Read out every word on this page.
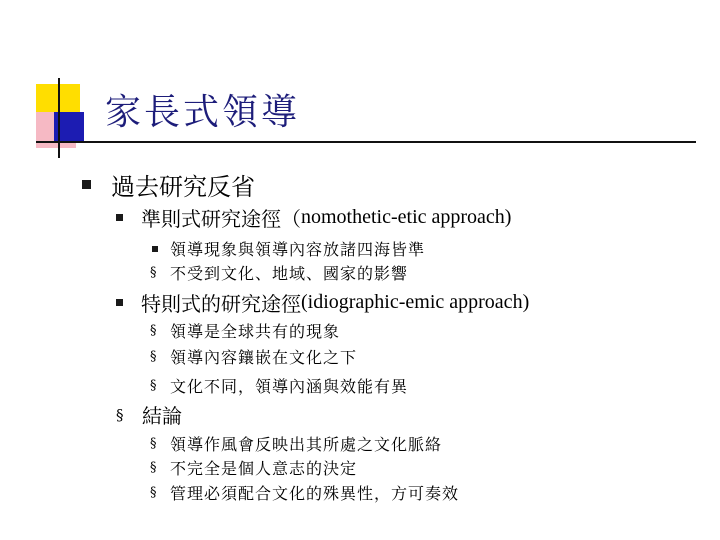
家長式領導
過去研究反省
準則式研究途徑（ nomothetic-etic approach)
領導現象與領導內容放諸四海皆準
§ 不受到文化、地域、國家的影響
特則式的研究途徑 (idiographic-emic approach)
§ 領導是全球共有的現象
§ 領導內容鑲嵌在文化之下
§ 文化不同，領導內涵與效能有異
§ 結論
§ 領導作風會反映出其所處之文化脈絡
§ 不完全是個人意志的決定
§ 管理必須配合文化的殊異性，方可奏效
